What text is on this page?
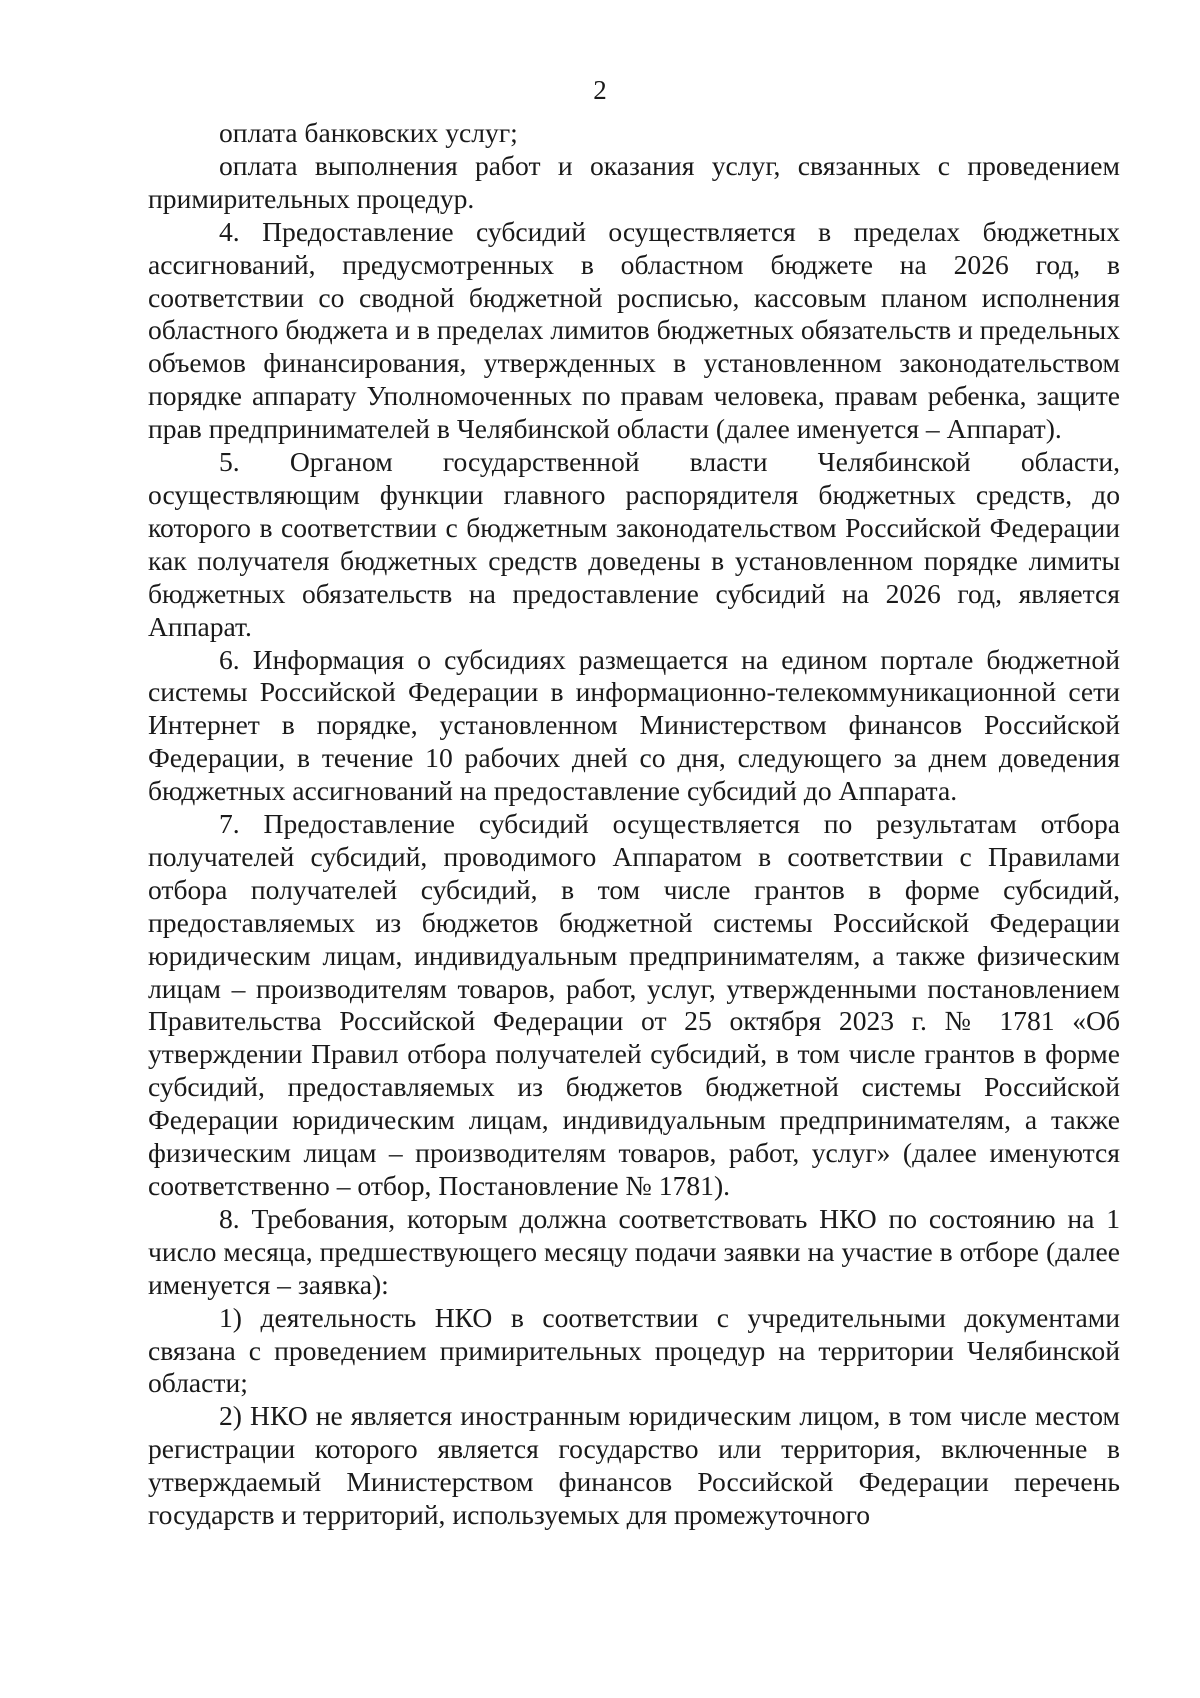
2

оплата банковских услуг;

оплата выполнения работ и оказания услуг, связанных с проведением примирительных процедур.

4. Предоставление субсидий осуществляется в пределах бюджетных ассигнований, предусмотренных в областном бюджете на 2026 год, в соответствии со сводной бюджетной росписью, кассовым планом исполнения областного бюджета и в пределах лимитов бюджетных обязательств и предельных объемов финансирования, утвержденных в установленном законодательством порядке аппарату Уполномоченных по правам человека, правам ребенка, защите прав предпринимателей в Челябинской области (далее именуется – Аппарат).

5. Органом государственной власти Челябинской области, осуществляющим функции главного распорядителя бюджетных средств, до которого в соответствии с бюджетным законодательством Российской Федерации как получателя бюджетных средств доведены в установленном порядке лимиты бюджетных обязательств на предоставление субсидий на 2026 год, является Аппарат.

6. Информация о субсидиях размещается на едином портале бюджетной системы Российской Федерации в информационно-телекоммуникационной сети Интернет в порядке, установленном Министерством финансов Российской Федерации, в течение 10 рабочих дней со дня, следующего за днем доведения бюджетных ассигнований на предоставление субсидий до Аппарата.

7. Предоставление субсидий осуществляется по результатам отбора получателей субсидий, проводимого Аппаратом в соответствии с Правилами отбора получателей субсидий, в том числе грантов в форме субсидий, предоставляемых из бюджетов бюджетной системы Российской Федерации юридическим лицам, индивидуальным предпринимателям, а также физическим лицам – производителям товаров, работ, услуг, утвержденными постановлением Правительства Российской Федерации от 25 октября 2023 г. № 1781 «Об утверждении Правил отбора получателей субсидий, в том числе грантов в форме субсидий, предоставляемых из бюджетов бюджетной системы Российской Федерации юридическим лицам, индивидуальным предпринимателям, а также физическим лицам – производителям товаров, работ, услуг» (далее именуются соответственно – отбор, Постановление № 1781).

8. Требования, которым должна соответствовать НКО по состоянию на 1 число месяца, предшествующего месяцу подачи заявки на участие в отборе (далее именуется – заявка):

1) деятельность НКО в соответствии с учредительными документами связана с проведением примирительных процедур на территории Челябинской области;

2) НКО не является иностранным юридическим лицом, в том числе местом регистрации которого является государство или территория, включенные в утверждаемый Министерством финансов Российской Федерации перечень государств и территорий, используемых для промежуточного
